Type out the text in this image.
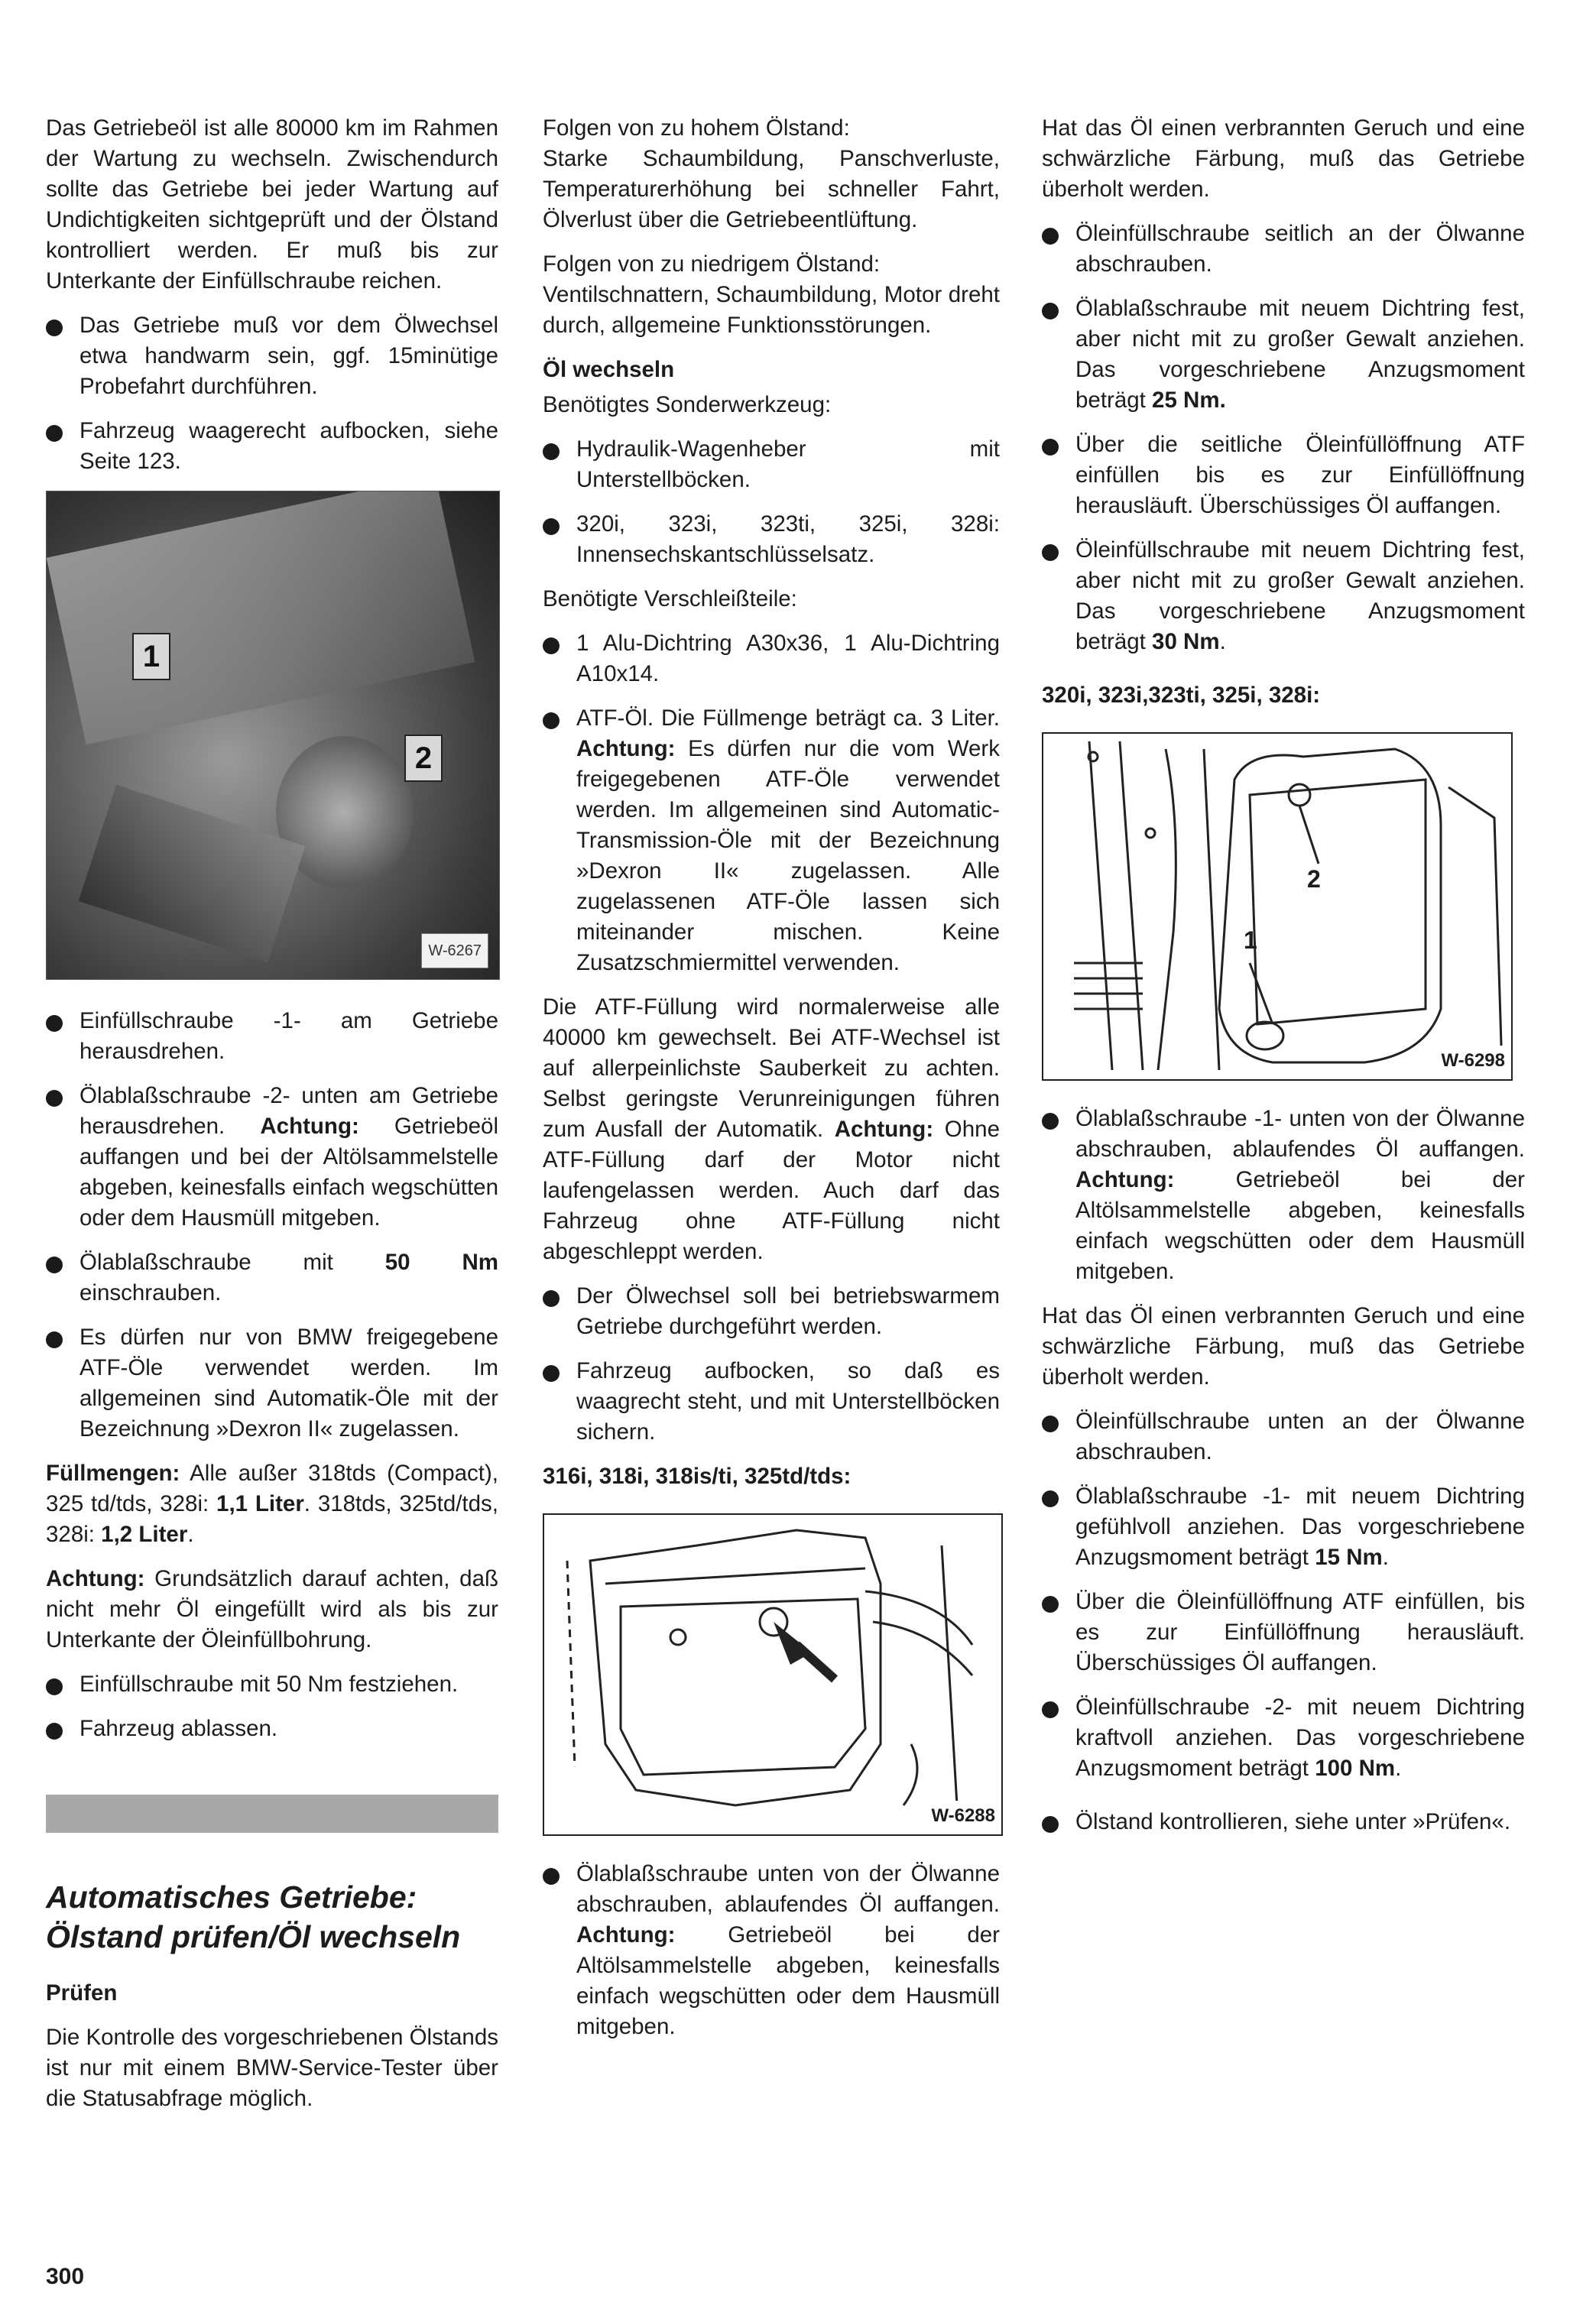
Das Getriebeöl ist alle 80000 km im Rahmen der Wartung zu wechseln. Zwischendurch sollte das Getriebe bei jeder Wartung auf Undichtigkeiten sichtgeprüft und der Ölstand kontrolliert werden. Er muß bis zur Unterkante der Einfüllschraube reichen.

Das Getriebe muß vor dem Ölwechsel etwa handwarm sein, ggf. 15minütige Probefahrt durchführen.
Fahrzeug waagerecht aufbocken, siehe Seite 123.
1
2
W-6267
Einfüllschraube -1- am Getriebe herausdrehen.
Ölablaßschraube -2- unten am Getriebe herausdrehen. Achtung: Getriebeöl auffangen und bei der Altölsammelstelle abgeben, keinesfalls einfach wegschütten oder dem Hausmüll mitgeben.
Ölablaßschraube mit 50 Nm einschrauben.
Es dürfen nur von BMW freigegebene ATF-Öle verwendet werden. Im allgemeinen sind Automatik-Öle mit der Bezeichnung »Dexron II« zugelassen.

Füllmengen: Alle außer 318tds (Compact), 325 td/tds, 328i: 1,1 Liter. 318tds, 325td/tds, 328i: 1,2 Liter.

Achtung: Grundsätzlich darauf achten, daß nicht mehr Öl eingefüllt wird als bis zur Unterkante der Öleinfüllbohrung.

Einfüllschraube mit 50 Nm festziehen.
Fahrzeug ablassen.
Automatisches Getriebe:
Ölstand prüfen/Öl wechseln
Prüfen

Die Kontrolle des vorgeschriebenen Ölstands ist nur mit einem BMW-Service-Tester über die Statusabfrage möglich.

Folgen von zu hohem Ölstand:

Starke Schaumbildung, Panschverluste, Temperaturerhöhung bei schneller Fahrt, Ölverlust über die Getriebeentlüftung.

Folgen von zu niedrigem Ölstand:

Ventilschnattern, Schaumbildung, Motor dreht durch, allgemeine Funktionsstörungen.

Öl wechseln

Benötigtes Sonderwerkzeug:

Hydraulik-Wagenheber mit Unterstellböcken.
320i, 323i, 323ti, 325i, 328i: Innensechskantschlüsselsatz.

Benötigte Verschleißteile:

1 Alu-Dichtring A30x36, 1 Alu-Dichtring A10x14.
ATF-Öl. Die Füllmenge beträgt ca. 3 Liter. Achtung: Es dürfen nur die vom Werk freigegebenen ATF-Öle verwendet werden. Im allgemeinen sind Automatic-Transmission-Öle mit der Bezeichnung »Dexron II« zugelassen. Alle zugelassenen ATF-Öle lassen sich miteinander mischen. Keine Zusatzschmiermittel verwenden.

Die ATF-Füllung wird normalerweise alle 40000 km gewechselt. Bei ATF-Wechsel ist auf allerpeinlichste Sauberkeit zu achten. Selbst geringste Verunreinigungen führen zum Ausfall der Automatik. Achtung: Ohne ATF-Füllung darf der Motor nicht laufengelassen werden. Auch darf das Fahrzeug ohne ATF-Füllung nicht abgeschleppt werden.

Der Ölwechsel soll bei betriebswarmem Getriebe durchgeführt werden.
Fahrzeug aufbocken, so daß es waagrecht steht, und mit Unterstellböcken sichern.
316i, 318i, 318is/ti, 325td/tds:
W-6288
Ölablaßschraube unten von der Ölwanne abschrauben, ablaufendes Öl auffangen. Achtung: Getriebeöl bei der Altölsammelstelle abgeben, keinesfalls einfach wegschütten oder dem Hausmüll mitgeben.

Hat das Öl einen verbrannten Geruch und eine schwärzliche Färbung, muß das Getriebe überholt werden.

Öleinfüllschraube seitlich an der Ölwanne abschrauben.
Ölablaßschraube mit neuem Dichtring fest, aber nicht mit zu großer Gewalt anziehen. Das vorgeschriebene Anzugsmoment beträgt 25 Nm.
Über die seitliche Öleinfüllöffnung ATF einfüllen bis es zur Einfüllöffnung herausläuft. Überschüssiges Öl auffangen.
Öleinfüllschraube mit neuem Dichtring fest, aber nicht mit zu großer Gewalt anziehen. Das vorgeschriebene Anzugsmoment beträgt 30 Nm.
320i, 323i,323ti, 325i, 328i:
2
1
W-6298
Ölablaßschraube -1- unten von der Ölwanne abschrauben, ablaufendes Öl auffangen. Achtung: Getriebeöl bei der Altölsammelstelle abgeben, keinesfalls einfach wegschütten oder dem Hausmüll mitgeben.

Hat das Öl einen verbrannten Geruch und eine schwärzliche Färbung, muß das Getriebe überholt werden.

Öleinfüllschraube unten an der Ölwanne abschrauben.
Ölablaßschraube -1- mit neuem Dichtring gefühlvoll anziehen. Das vorgeschriebene Anzugsmoment beträgt 15 Nm.
Über die Öleinfüllöffnung ATF einfüllen, bis es zur Einfüllöffnung herausläuft. Überschüssiges Öl auffangen.
Öleinfüllschraube -2- mit neuem Dichtring kraftvoll anziehen. Das vorgeschriebene Anzugsmoment beträgt 100 Nm.
Ölstand kontrollieren, siehe unter »Prüfen«.
300
